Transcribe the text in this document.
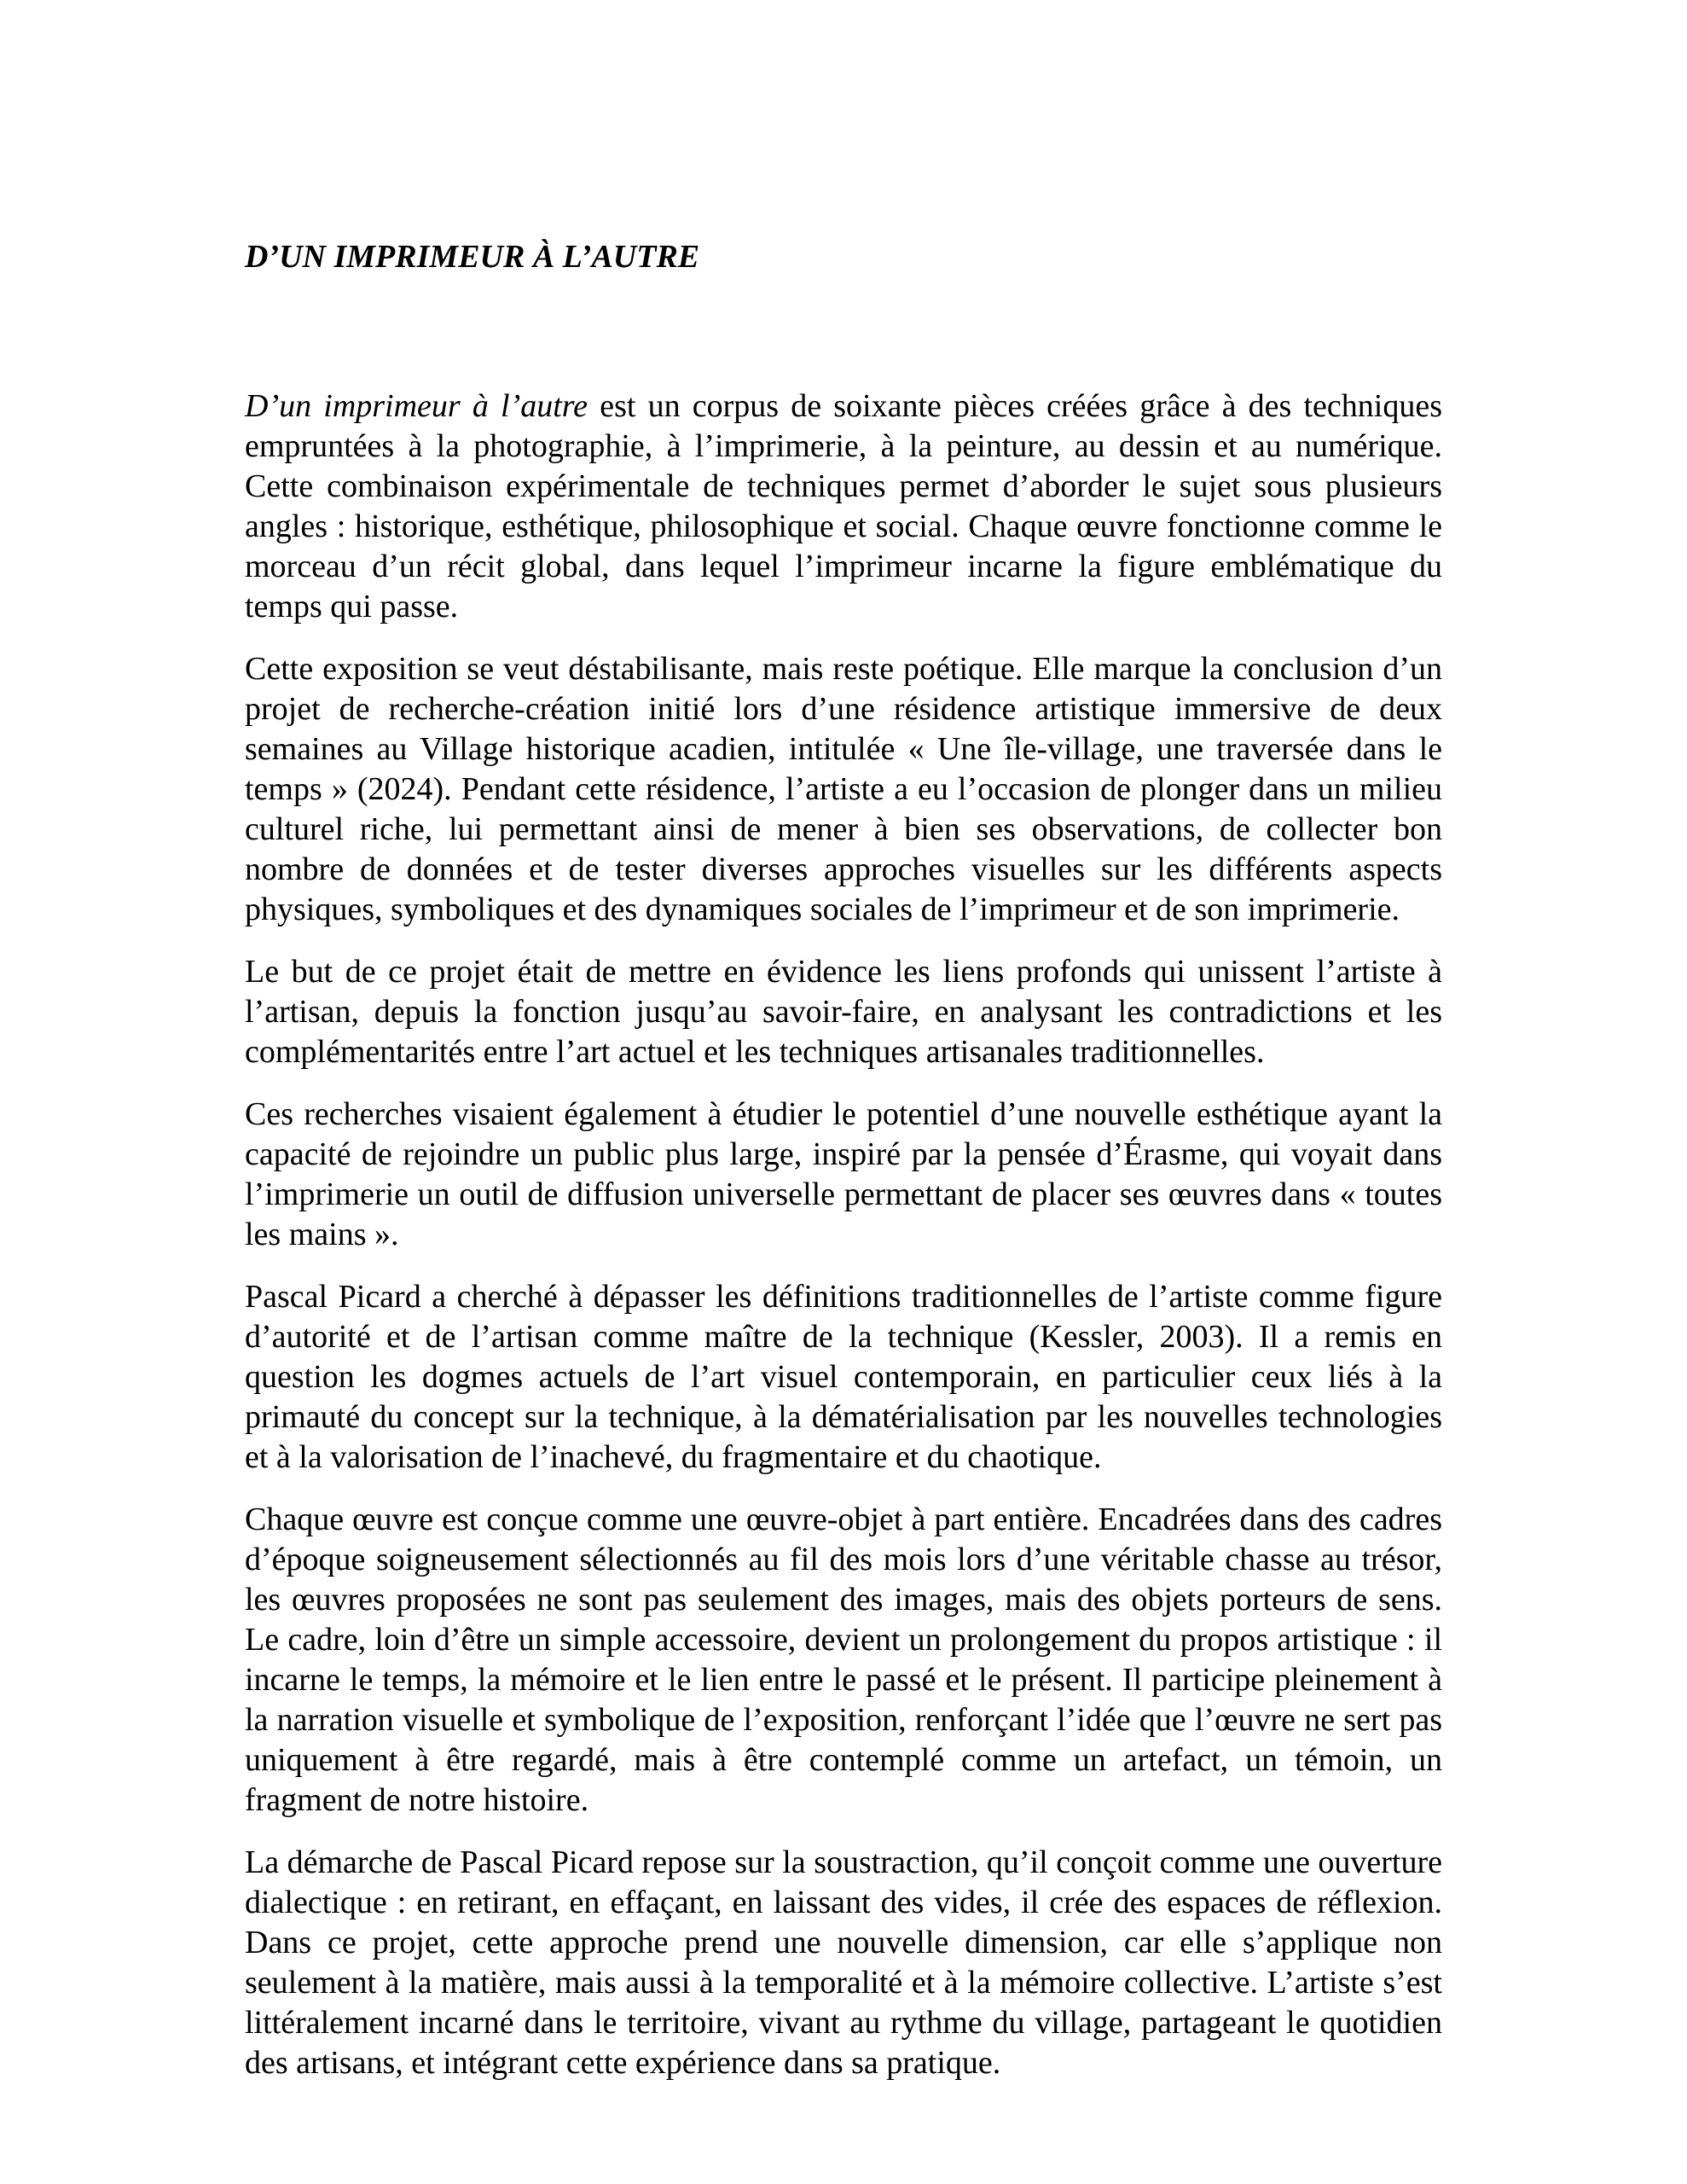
D’UN IMPRIMEUR À L’AUTRE

D’un imprimeur à l’autre est un corpus de soixante pièces créées grâce à des techniques empruntées à la photographie, à l’imprimerie, à la peinture, au dessin et au numérique. Cette combinaison expérimentale de techniques permet d’aborder le sujet sous plusieurs angles : historique, esthétique, philosophique et social. Chaque œuvre fonctionne comme le morceau d’un récit global, dans lequel l’imprimeur incarne la figure emblématique du temps qui passe.

Cette exposition se veut déstabilisante, mais reste poétique. Elle marque la conclusion d’un projet de recherche-création initié lors d’une résidence artistique immersive de deux semaines au Village historique acadien, intitulée « Une île-village, une traversée dans le temps » (2024). Pendant cette résidence, l’artiste a eu l’occasion de plonger dans un milieu culturel riche, lui permettant ainsi de mener à bien ses observations, de collecter bon nombre de données et de tester diverses approches visuelles sur les différents aspects physiques, symboliques et des dynamiques sociales de l’imprimeur et de son imprimerie.

Le but de ce projet était de mettre en évidence les liens profonds qui unissent l’artiste à l’artisan, depuis la fonction jusqu’au savoir-faire, en analysant les contradictions et les complémentarités entre l’art actuel et les techniques artisanales traditionnelles.

Ces recherches visaient également à étudier le potentiel d’une nouvelle esthétique ayant la capacité de rejoindre un public plus large, inspiré par la pensée d’Érasme, qui voyait dans l’imprimerie un outil de diffusion universelle permettant de placer ses œuvres dans « toutes les mains ».

Pascal Picard a cherché à dépasser les définitions traditionnelles de l’artiste comme figure d’autorité et de l’artisan comme maître de la technique (Kessler, 2003). Il a remis en question les dogmes actuels de l’art visuel contemporain, en particulier ceux liés à la primauté du concept sur la technique, à la dématérialisation par les nouvelles technologies et à la valorisation de l’inachevé, du fragmentaire et du chaotique.

Chaque œuvre est conçue comme une œuvre-objet à part entière. Encadrées dans des cadres d’époque soigneusement sélectionnés au fil des mois lors d’une véritable chasse au trésor, les œuvres proposées ne sont pas seulement des images, mais des objets porteurs de sens. Le cadre, loin d’être un simple accessoire, devient un prolongement du propos artistique : il incarne le temps, la mémoire et le lien entre le passé et le présent. Il participe pleinement à la narration visuelle et symbolique de l’exposition, renforçant l’idée que l’œuvre ne sert pas uniquement à être regardé, mais à être contemplé comme un artefact, un témoin, un fragment de notre histoire.

La démarche de Pascal Picard repose sur la soustraction, qu’il conçoit comme une ouverture dialectique : en retirant, en effaçant, en laissant des vides, il crée des espaces de réflexion. Dans ce projet, cette approche prend une nouvelle dimension, car elle s’applique non seulement à la matière, mais aussi à la temporalité et à la mémoire collective. L’artiste s’est littéralement incarné dans le territoire, vivant au rythme du village, partageant le quotidien des artisans, et intégrant cette expérience dans sa pratique.
